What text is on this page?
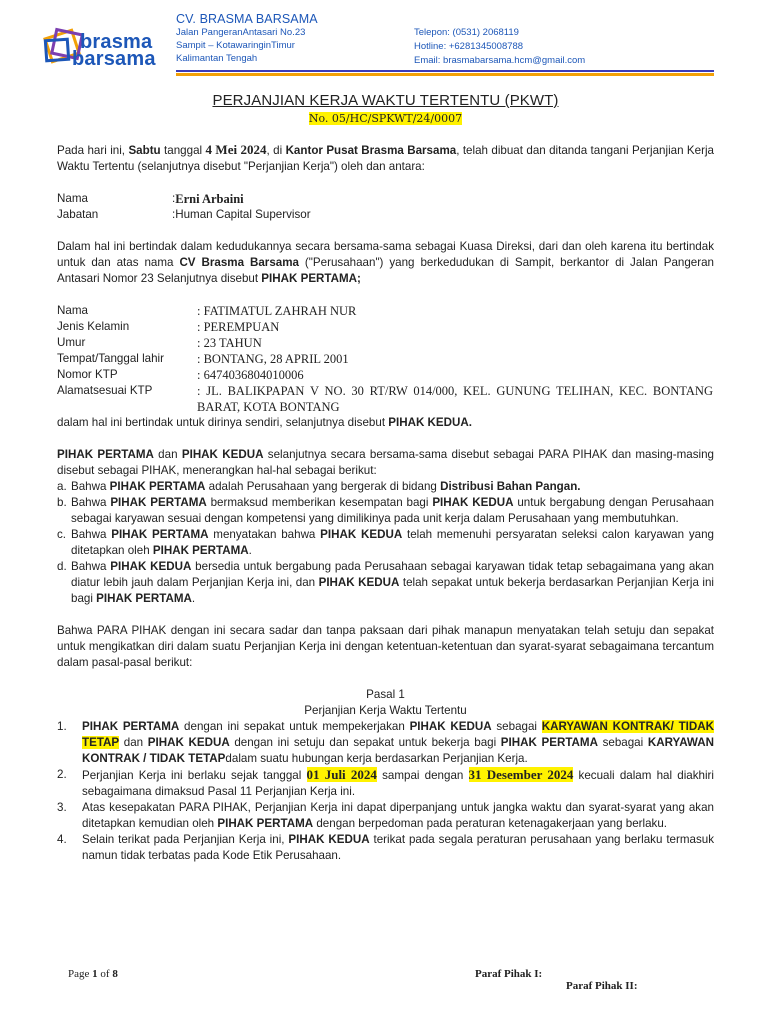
brasma
barsama
CV. BRASMA BARSAMA
Jalan PangeranAntasari No.23
Sampit – KotawaringinTimur
Kalimantan Tengah
Telepon: (0531) 2068119
Hotline: +6281345008788
Email: brasmabarsama.hcm@gmail.com
PERJANJIAN KERJA WAKTU TERTENTU (PKWT)
No. 05/HC/SPKWT/24/0007

Pada hari ini, Sabtu tanggal 4 Mei 2024, di Kantor Pusat Brasma Barsama, telah dibuat dan ditanda tangani Perjanjian Kerja Waktu Tertentu (selanjutnya disebut "Perjanjian Kerja") oleh dan antara:

Nama	: Erni Arbaini
Jabatan	: Human Capital Supervisor

Dalam hal ini bertindak dalam kedudukannya secara bersama-sama sebagai Kuasa Direksi, dari dan oleh karena itu bertindak untuk dan atas nama CV Brasma Barsama ("Perusahaan") yang berkedudukan di Sampit, berkantor di Jalan Pangeran Antasari Nomor 23 Selanjutnya disebut PIHAK PERTAMA;

Nama	: FATIMATUL ZAHRAH NUR
Jenis Kelamin	: PEREMPUAN
Umur	: 23 TAHUN
Tempat/Tanggal lahir	: BONTANG, 28 APRIL 2001
Nomor KTP	: 6474036804010006
Alamatsesuai KTP	: JL. BALIKPAPAN V NO. 30 RT/RW 014/000, KEL. GUNUNG TELIHAN, KEC. BONTANG BARAT, KOTA BONTANG
dalam hal ini bertindak untuk dirinya sendiri, selanjutnya disebut PIHAK KEDUA.

PIHAK PERTAMA dan PIHAK KEDUA selanjutnya secara bersama-sama disebut sebagai PARA PIHAK dan masing-masing disebut sebagai PIHAK, menerangkan hal-hal sebagai berikut:

a. Bahwa PIHAK PERTAMA adalah Perusahaan yang bergerak di bidang Distribusi Bahan Pangan.
b. Bahwa PIHAK PERTAMA bermaksud memberikan kesempatan bagi PIHAK KEDUA untuk bergabung dengan Perusahaan sebagai karyawan sesuai dengan kompetensi yang dimilikinya pada unit kerja dalam Perusahaan yang membutuhkan.
c. Bahwa PIHAK PERTAMA menyatakan bahwa PIHAK KEDUA telah memenuhi persyaratan seleksi calon karyawan yang ditetapkan oleh PIHAK PERTAMA.
d. Bahwa PIHAK KEDUA bersedia untuk bergabung pada Perusahaan sebagai karyawan tidak tetap sebagaimana yang akan diatur lebih jauh dalam Perjanjian Kerja ini, dan PIHAK KEDUA telah sepakat untuk bekerja berdasarkan Perjanjian Kerja ini bagi PIHAK PERTAMA.

Bahwa PARA PIHAK dengan ini secara sadar dan tanpa paksaan dari pihak manapun menyatakan telah setuju dan sepakat untuk mengikatkan diri dalam suatu Perjanjian Kerja ini dengan ketentuan-ketentuan dan syarat-syarat sebagaimana tercantum dalam pasal-pasal berikut:

Pasal 1
Perjanjian Kerja Waktu Tertentu
1.	PIHAK PERTAMA dengan ini sepakat untuk mempekerjakan PIHAK KEDUA sebagai KARYAWAN KONTRAK/ TIDAK TETAP dan PIHAK KEDUA dengan ini setuju dan sepakat untuk bekerja bagi PIHAK PERTAMA sebagai KARYAWAN KONTRAK / TIDAK TETAPdalam suatu hubungan kerja berdasarkan Perjanjian Kerja.
2.	Perjanjian Kerja ini berlaku sejak tanggal 01 Juli 2024 sampai dengan 31 Desember 2024 kecuali dalam hal diakhiri sebagaimana dimaksud Pasal 11 Perjanjian Kerja ini.
3.	Atas kesepakatan PARA PIHAK, Perjanjian Kerja ini dapat diperpanjang untuk jangka waktu dan syarat-syarat yang akan ditetapkan kemudian oleh PIHAK PERTAMA dengan berpedoman pada peraturan ketenagakerjaan yang berlaku.
4.	Selain terikat pada Perjanjian Kerja ini, PIHAK KEDUA terikat pada segala peraturan perusahaan yang berlaku termasuk namun tidak terbatas pada Kode Etik Perusahaan.
Page 1 of 8	Paraf Pihak I:
Paraf Pihak II:
